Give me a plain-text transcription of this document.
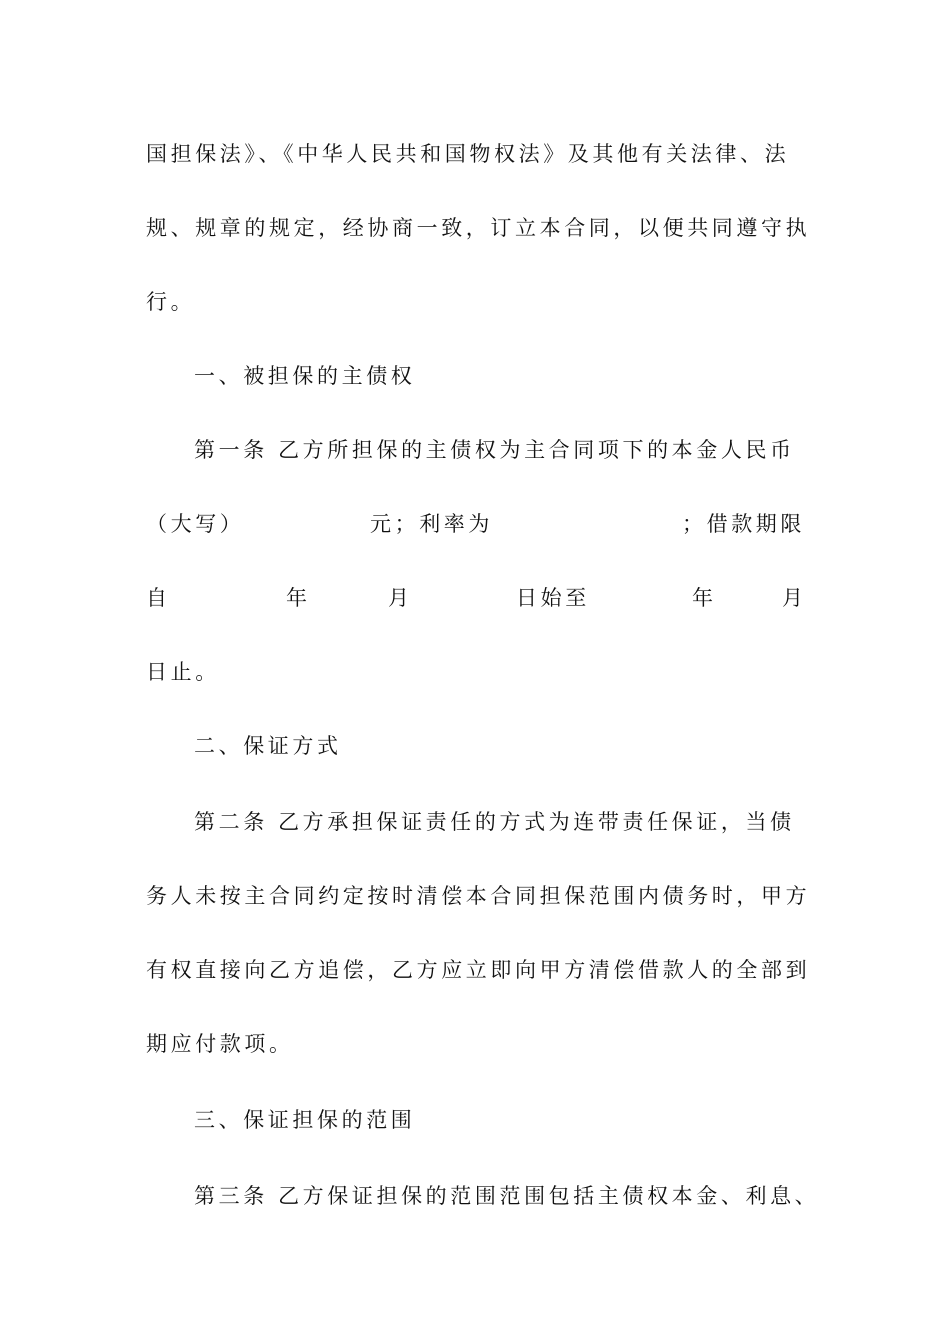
国担保法》、《中华人民共和国物权法》及其他有关法律、法
规、规章的规定，经协商一致，订立本合同，以便共同遵守执
行。
一、被担保的主债权
第一条 乙方所担保的主债权为主合同项下的本金人民币
（大写）	元；利率为	；借款期限
自	年	月	日始至	年	月
日止。
二、保证方式
第二条 乙方承担保证责任的方式为连带责任保证，当债
务人未按主合同约定按时清偿本合同担保范围内债务时，甲方
有权直接向乙方追偿，乙方应立即向甲方清偿借款人的全部到
期应付款项。
三、保证担保的范围
第三条 乙方保证担保的范围范围包括主债权本金、利息、
